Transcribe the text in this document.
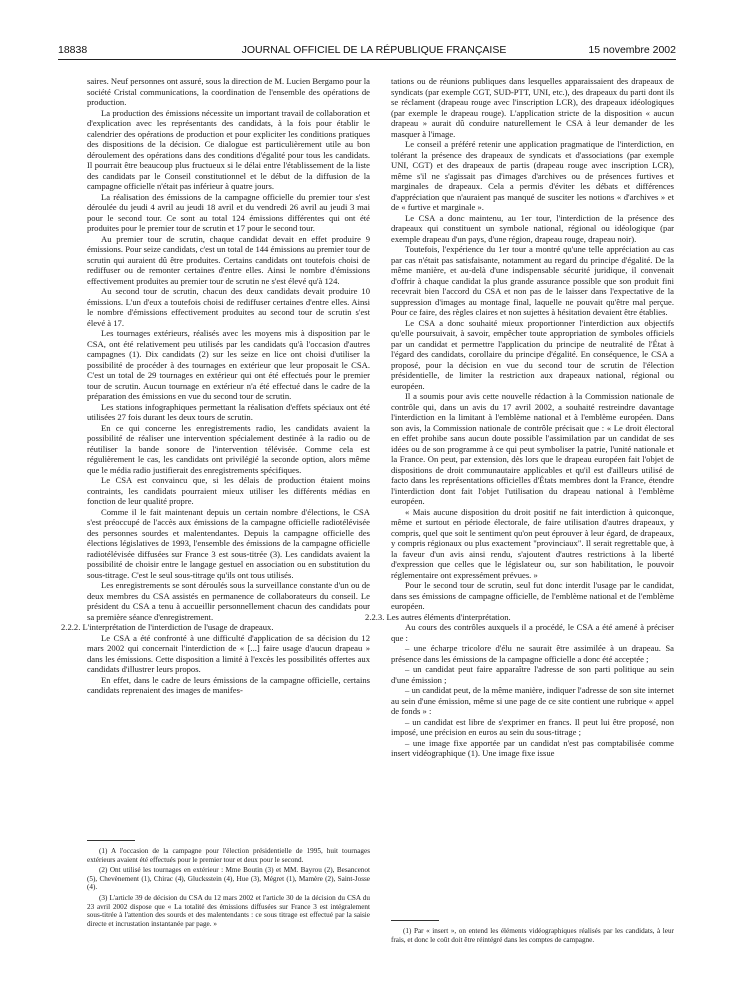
18838	JOURNAL OFFICIEL DE LA RÉPUBLIQUE FRANÇAISE	15 novembre 2002

saires. Neuf personnes ont assuré, sous la direction de M. Lucien Bergamo pour la société Cristal communications, la coordination de l'ensemble des opérations de production.

La production des émissions nécessite un important travail de collaboration et d'explication avec les représentants des candidats, à la fois pour établir le calendrier des opérations de production et pour expliciter les conditions pratiques des dispositions de la décision. Ce dialogue est particulièrement utile au bon déroulement des opérations dans des conditions d'égalité pour tous les candidats. Il pourrait être beaucoup plus fructueux si le délai entre l'établissement de la liste des candidats par le Conseil constitutionnel et le début de la diffusion de la campagne officielle n'était pas inférieur à quatre jours.

La réalisation des émissions de la campagne officielle du premier tour s'est déroulée du jeudi 4 avril au jeudi 18 avril et du vendredi 26 avril au jeudi 3 mai pour le second tour. Ce sont au total 124 émissions différentes qui ont été produites pour le premier tour de scrutin et 17 pour le second tour.

Au premier tour de scrutin, chaque candidat devait en effet produire 9 émissions. Pour seize candidats, c'est un total de 144 émissions au premier tour de scrutin qui auraient dû être produites. Certains candidats ont toutefois choisi de rediffuser ou de remonter certaines d'entre elles. Ainsi le nombre d'émissions effectivement produites au premier tour de scrutin ne s'est élevé qu'à 124.

Au second tour de scrutin, chacun des deux candidats devait produire 10 émissions. L'un d'eux a toutefois choisi de rediffuser certaines d'entre elles. Ainsi le nombre d'émissions effectivement produites au second tour de scrutin s'est élevé à 17.

Les tournages extérieurs, réalisés avec les moyens mis à disposition par le CSA, ont été relativement peu utilisés par les candidats qu'à l'occasion d'autres campagnes (1). Dix candidats (2) sur les seize en lice ont choisi d'utiliser la possibilité de procéder à des tournages en extérieur que leur proposait le CSA. C'est un total de 29 tournages en extérieur qui ont été effectués pour le premier tour de scrutin. Aucun tournage en extérieur n'a été effectué dans le cadre de la préparation des émissions en vue du second tour de scrutin.

Les stations infographiques permettant la réalisation d'effets spéciaux ont été utilisées 27 fois durant les deux tours de scrutin.

En ce qui concerne les enregistrements radio, les candidats avaient la possibilité de réaliser une intervention spécialement destinée à la radio ou de réutiliser la bande sonore de l'intervention télévisée. Comme cela est régulièrement le cas, les candidats ont privilégié la seconde option, alors même que le média radio justifierait des enregistrements spécifiques.

Le CSA est convaincu que, si les délais de production étaient moins contraints, les candidats pourraient mieux utiliser les différents médias en fonction de leur qualité propre.

Comme il le fait maintenant depuis un certain nombre d'élections, le CSA s'est préoccupé de l'accès aux émissions de la campagne officielle radiotélévisée des personnes sourdes et malentendantes. Depuis la campagne officielle des élections législatives de 1993, l'ensemble des émissions de la campagne officielle radiotélévisée diffusées sur France 3 est sous-titrée (3). Les candidats avaient la possibilité de choisir entre le langage gestuel en association ou en substitution du sous-titrage. C'est le seul sous-titrage qu'ils ont tous utilisés.

Les enregistrements se sont déroulés sous la surveillance constante d'un ou de deux membres du CSA assistés en permanence de collaborateurs du conseil. Le président du CSA a tenu à accueillir personnellement chacun des candidats pour sa première séance d'enregistrement.

2.2.2. L'interprétation de l'interdiction de l'usage de drapeaux.

Le CSA a été confronté à une difficulté d'application de sa décision du 12 mars 2002 qui concernait l'interdiction de « [...] faire usage d'aucun drapeau » dans les émissions. Cette disposition a limité à l'excès les possibilités offertes aux candidats d'illustrer leurs propos.

En effet, dans le cadre de leurs émissions de la campagne officielle, certains candidats reprenaient des images de manifes-

(1) A l'occasion de la campagne pour l'élection présidentielle de 1995, huit tournages extérieurs avaient été effectués pour le premier tour et deux pour le second.

(2) Ont utilisé les tournages en extérieur : Mme Boutin (3) et MM. Bayrou (2), Besancenot (5), Chevènement (1), Chirac (4), Glucksstein (4), Hue (3), Mégret (1), Mamère (2), Saint-Josse (4).

(3) L'article 39 de décision du CSA du 12 mars 2002 et l'article 30 de la décision du CSA du 23 avril 2002 dispose que « La totalité des émissions diffusées sur France 3 est intégralement sous-titrée à l'attention des sourds et des malentendants : ce sous titrage est effectué par la saisie directe et incrustation instantanée par page. »

tations ou de réunions publiques dans lesquelles apparaissaient des drapeaux de syndicats (par exemple CGT, SUD-PTT, UNI, etc.), des drapeaux du parti dont ils se réclament (drapeau rouge avec l'inscription LCR), des drapeaux idéologiques (par exemple le drapeau rouge). L'application stricte de la disposition « aucun drapeau » aurait dû conduire naturellement le CSA à leur demander de les masquer à l'image.

Le conseil a préféré retenir une application pragmatique de l'interdiction, en tolérant la présence des drapeaux de syndicats et d'associations (par exemple UNI, CGT) et des drapeaux de partis (drapeau rouge avec inscription LCR), même s'il ne s'agissait pas d'images d'archives ou de présences furtives et marginales de drapeaux. Cela a permis d'éviter les débats et différences d'appréciation que n'auraient pas manqué de susciter les notions « d'archives » et de « furtive et marginale ».

Le CSA a donc maintenu, au 1er tour, l'interdiction de la présence des drapeaux qui constituent un symbole national, régional ou idéologique (par exemple drapeau d'un pays, d'une région, drapeau rouge, drapeau noir).

Toutefois, l'expérience du 1er tour a montré qu'une telle appréciation au cas par cas n'était pas satisfaisante, notamment au regard du principe d'égalité. De la même manière, et au-delà d'une indispensable sécurité juridique, il convenait d'offrir à chaque candidat la plus grande assurance possible que son produit fini recevrait bien l'accord du CSA et non pas de le laisser dans l'expectative de la suppression d'images au montage final, laquelle ne pouvait qu'être mal perçue. Pour ce faire, des règles claires et non sujettes à hésitation devaient être établies.

Le CSA a donc souhaité mieux proportionner l'interdiction aux objectifs qu'elle poursuivait, à savoir, empêcher toute appropriation de symboles officiels par un candidat et permettre l'application du principe de neutralité de l'État à l'égard des candidats, corollaire du principe d'égalité. En conséquence, le CSA a proposé, pour la décision en vue du second tour de scrutin de l'élection présidentielle, de limiter la restriction aux drapeaux national, régional ou européen.

Il a soumis pour avis cette nouvelle rédaction à la Commission nationale de contrôle qui, dans un avis du 17 avril 2002, a souhaité restreindre davantage l'interdiction en la limitant à l'emblème national et à l'emblème européen. Dans son avis, la Commission nationale de contrôle précisait que : « Le droit électoral en effet prohibe sans aucun doute possible l'assimilation par un candidat de ses idées ou de son programme à ce qui peut symboliser la patrie, l'unité nationale et la France. On peut, par extension, dès lors que le drapeau européen fait l'objet de dispositions de droit communautaire applicables et qu'il est d'ailleurs utilisé de facto dans les représentations officielles d'États membres dont la France, étendre l'interdiction dont fait l'objet l'utilisation du drapeau national à l'emblème européen.

« Mais aucune disposition du droit positif ne fait interdiction à quiconque, même et surtout en période électorale, de faire utilisation d'autres drapeaux, y compris, quel que soit le sentiment qu'on peut éprouver à leur égard, de drapeaux, y compris régionaux ou plus exactement "provinciaux". Il serait regrettable que, à la faveur d'un avis ainsi rendu, s'ajoutent d'autres restrictions à la liberté d'expression que celles que le législateur ou, sur son habilitation, le pouvoir réglementaire ont expressément prévues. »

Pour le second tour de scrutin, seul fut donc interdit l'usage par le candidat, dans ses émissions de campagne officielle, de l'emblème national et de l'emblème européen.

2.2.3. Les autres éléments d'interprétation.

Au cours des contrôles auxquels il a procédé, le CSA a été amené à préciser que :

– une écharpe tricolore d'élu ne saurait être assimilée à un drapeau. Sa présence dans les émissions de la campagne officielle a donc été acceptée ;

– un candidat peut faire apparaître l'adresse de son parti politique au sein d'une émission ;

– un candidat peut, de la même manière, indiquer l'adresse de son site internet au sein d'une émission, même si une page de ce site contient une rubrique « appel de fonds » :

– un candidat est libre de s'exprimer en francs. Il peut lui être proposé, non imposé, une précision en euros au sein du sous-titrage ;

– une image fixe apportée par un candidat n'est pas comptabilisée comme insert vidéographique (1). Une image fixe issue

(1) Par « insert », on entend les éléments vidéographiques réalisés par les candidats, à leur frais, et donc le coût doit être réintégré dans les comptes de campagne.
